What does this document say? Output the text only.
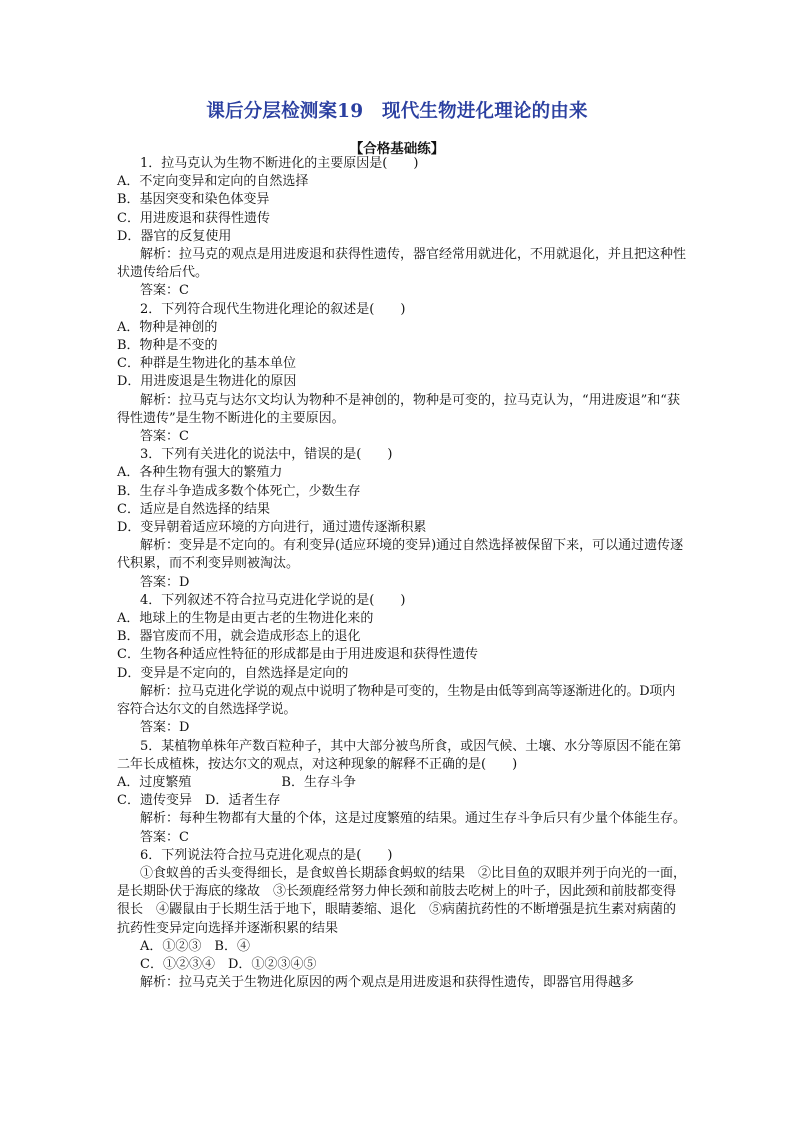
课后分层检测案19　现代生物进化理论的由来
【合格基础练】
1．拉马克认为生物不断进化的主要原因是(　　)
A．不定向变异和定向的自然选择
B．基因突变和染色体变异
C．用进废退和获得性遗传
D．器官的反复使用
解析：拉马克的观点是用进废退和获得性遗传，器官经常用就进化，不用就退化，并且把这种性状遗传给后代。
答案：C
2．下列符合现代生物进化理论的叙述是(　　)
A．物种是神创的
B．物种是不变的
C．种群是生物进化的基本单位
D．用进废退是生物进化的原因
解析：拉马克与达尔文均认为物种不是神创的，物种是可变的，拉马克认为，“用进废退”和“获得性遗传”是生物不断进化的主要原因。
答案：C
3．下列有关进化的说法中，错误的是(　　)
A．各种生物有强大的繁殖力
B．生存斗争造成多数个体死亡，少数生存
C．适应是自然选择的结果
D．变异朝着适应环境的方向进行，通过遗传逐渐积累
解析：变异是不定向的。有利变异(适应环境的变异)通过自然选择被保留下来，可以通过遗传逐代积累，而不利变异则被淘汰。
答案：D
4．下列叙述不符合拉马克进化学说的是(　　)
A．地球上的生物是由更古老的生物进化来的
B．器官废而不用，就会造成形态上的退化
C．生物各种适应性特征的形成都是由于用进废退和获得性遗传
D．变异是不定向的，自然选择是定向的
解析：拉马克进化学说的观点中说明了物种是可变的，生物是由低等到高等逐渐进化的。D项内容符合达尔文的自然选择学说。
答案：D
5．某植物单株年产数百粒种子，其中大部分被鸟所食，或因气候、土壤、水分等原因不能在第二年长成植株，按达尔文的观点，对这种现象的解释不正确的是(　　)
A．过度繁殖	B．生存斗争
C．遗传变异　D．适者生存
解析：每种生物都有大量的个体，这是过度繁殖的结果。通过生存斗争后只有少量个体能生存。
答案：C
6．下列说法符合拉马克进化观点的是(　　)
①食蚁兽的舌头变得细长，是食蚁兽长期舔食蚂蚁的结果　②比目鱼的双眼并列于向光的一面，是长期卧伏于海底的缘故　③长颈鹿经常努力伸长颈和前肢去吃树上的叶子，因此颈和前肢都变得很长　④鼹鼠由于长期生活于地下，眼睛萎缩、退化　⑤病菌抗药性的不断增强是抗生素对病菌的抗药性变异定向选择并逐渐积累的结果
A．①②③　B．④
C．①②③④　D．①②③④⑤
解析：拉马克关于生物进化原因的两个观点是用进废退和获得性遗传，即器官用得越多
